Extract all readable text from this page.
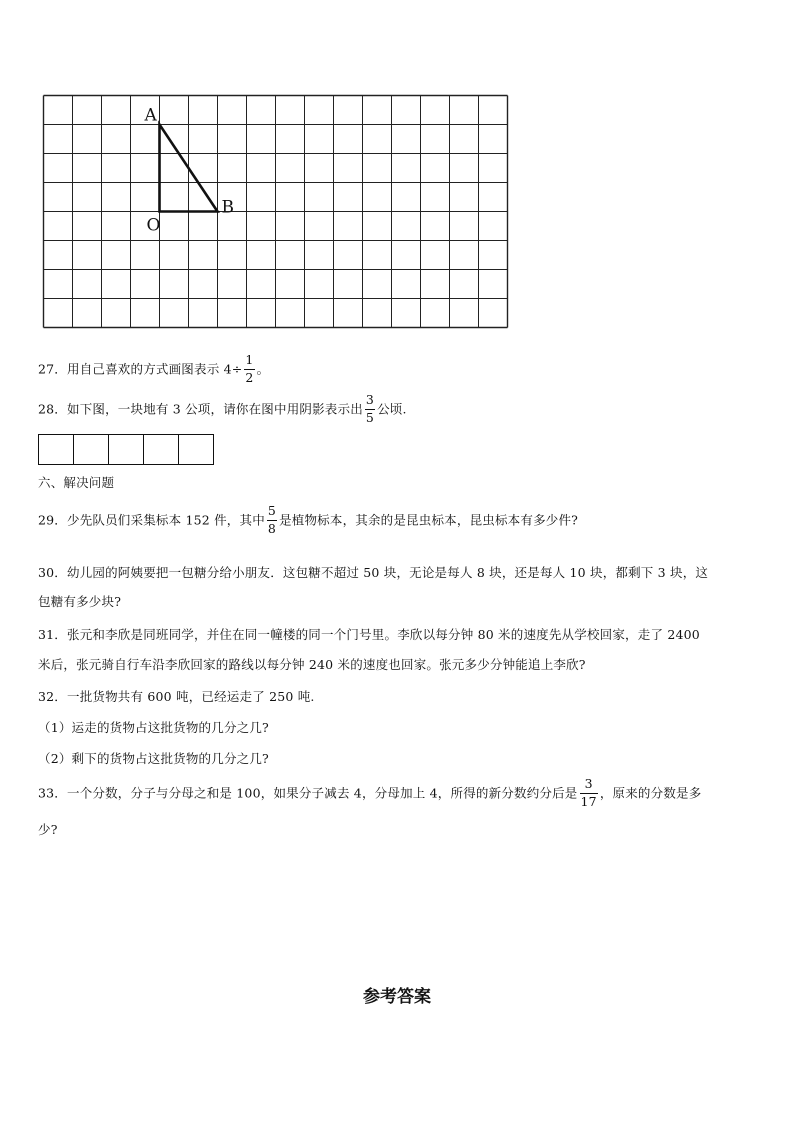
A
O
B
27．用自己喜欢的方式画图表示 $4\div \frac{1}{2}$ 。
28．如下图，一块地有 3 公项，请你在图中用阴影表示出 $\frac{3}{5}$ 公顷.
六、解决问题
29．少先队员们采集标本 152 件，其中 $\frac{5}{8}$ 是植物标本，其余的是昆虫标本，昆虫标本有多少件?
30．幼儿园的阿姨要把一包糖分给小朋友．这包糖不超过 50 块，无论是每人 8 块，还是每人 10 块，都剩下 3 块，这
包糖有多少块?
31．张元和李欣是同班同学，并住在同一幢楼的同一个门号里。李欣以每分钟 80 米的速度先从学校回家，走了 2400
米后，张元骑自行车沿李欣回家的路线以每分钟 240 米的速度也回家。张元多少分钟能追上李欣?
32．一批货物共有 600 吨，已经运走了 250 吨.
（1）运走的货物占这批货物的几分之几?
（2）剩下的货物占这批货物的几分之几?
33．一个分数，分子与分母之和是 100，如果分子减去 4，分母加上 4，所得的新分数约分后是 $\frac{3}{17}$ ，原来的分数是多
少?
参考答案
